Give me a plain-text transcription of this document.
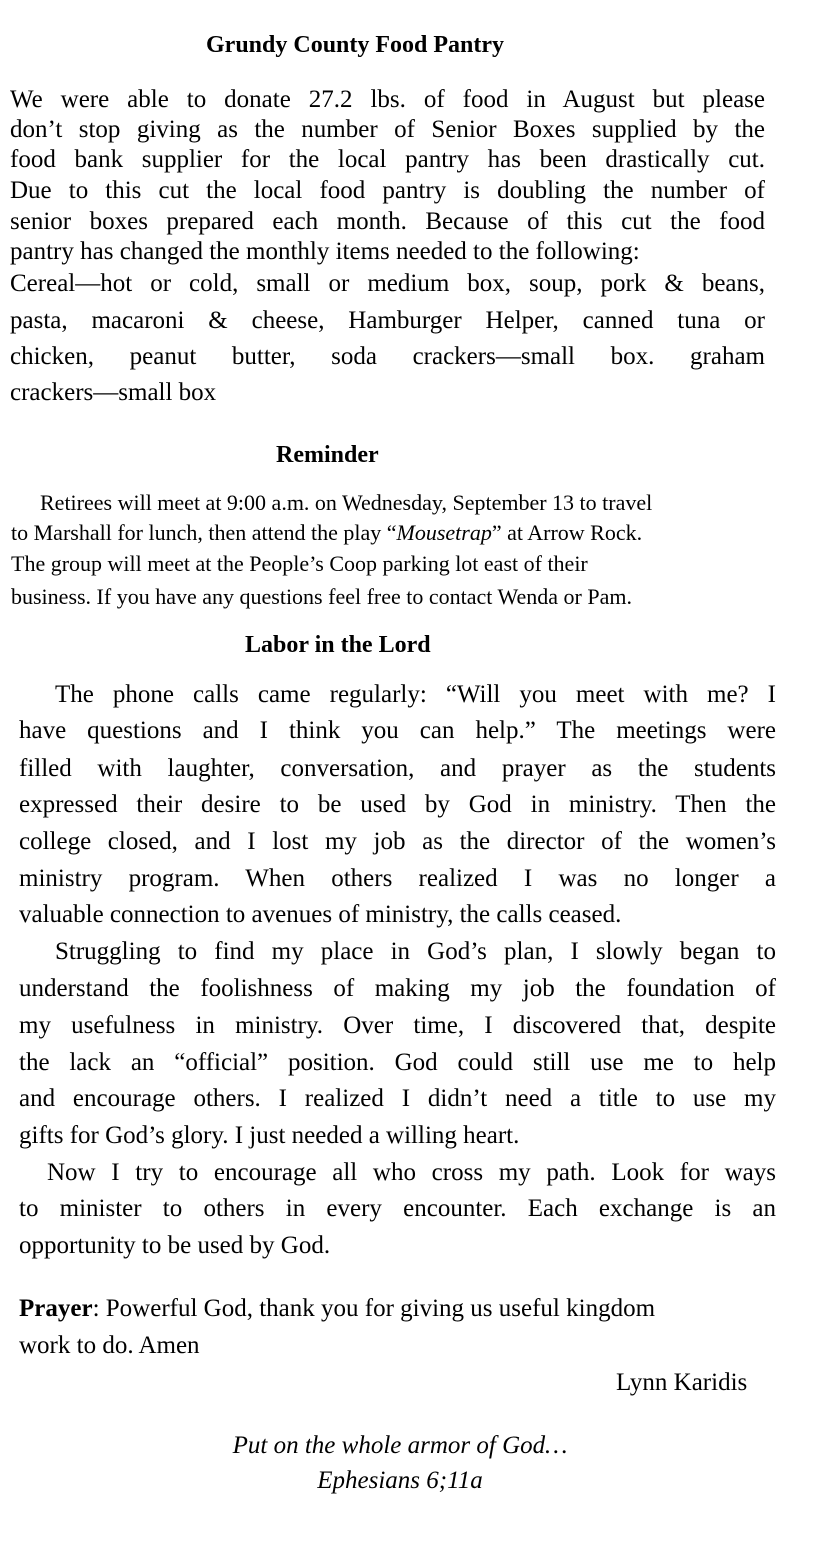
Grundy County Food Pantry
We were able to donate 27.2 lbs. of food in August but please
don’t stop giving as the number of Senior Boxes supplied by the
food bank supplier for the local pantry has been drastically cut.
Due to this cut the local food pantry is doubling the number of
senior boxes prepared each month. Because of this cut the food
pantry has changed the monthly items needed to the following:
Cereal—hot or cold, small or medium box, soup, pork & beans,
pasta, macaroni & cheese, Hamburger Helper, canned tuna or
chicken, peanut butter, soda crackers—small box. graham
crackers—small box
Reminder
Retirees will meet at 9:00 a.m. on Wednesday, September 13 to travel
to Marshall for lunch, then attend the play “Mousetrap” at Arrow Rock.
The group will meet at the People’s Coop parking lot east of their
business. If you have any questions feel free to contact Wenda or Pam.
Labor in the Lord
The phone calls came regularly: “Will you meet with me? I
have questions and I think you can help.” The meetings were
filled with laughter, conversation, and prayer as the students
expressed their desire to be used by God in ministry. Then the
college closed, and I lost my job as the director of the women’s
ministry program. When others realized I was no longer a
valuable connection to avenues of ministry, the calls ceased.
Struggling to find my place in God’s plan, I slowly began to
understand the foolishness of making my job the foundation of
my usefulness in ministry. Over time, I discovered that, despite
the lack an “official” position. God could still use me to help
and encourage others. I realized I didn’t need a title to use my
gifts for God’s glory. I just needed a willing heart.
Now I try to encourage all who cross my path. Look for ways
to minister to others in every encounter. Each exchange is an
opportunity to be used by God.
Prayer: Powerful God, thank you for giving us useful kingdom
work to do. Amen
Lynn Karidis
Put on the whole armor of God…
Ephesians 6;11a
